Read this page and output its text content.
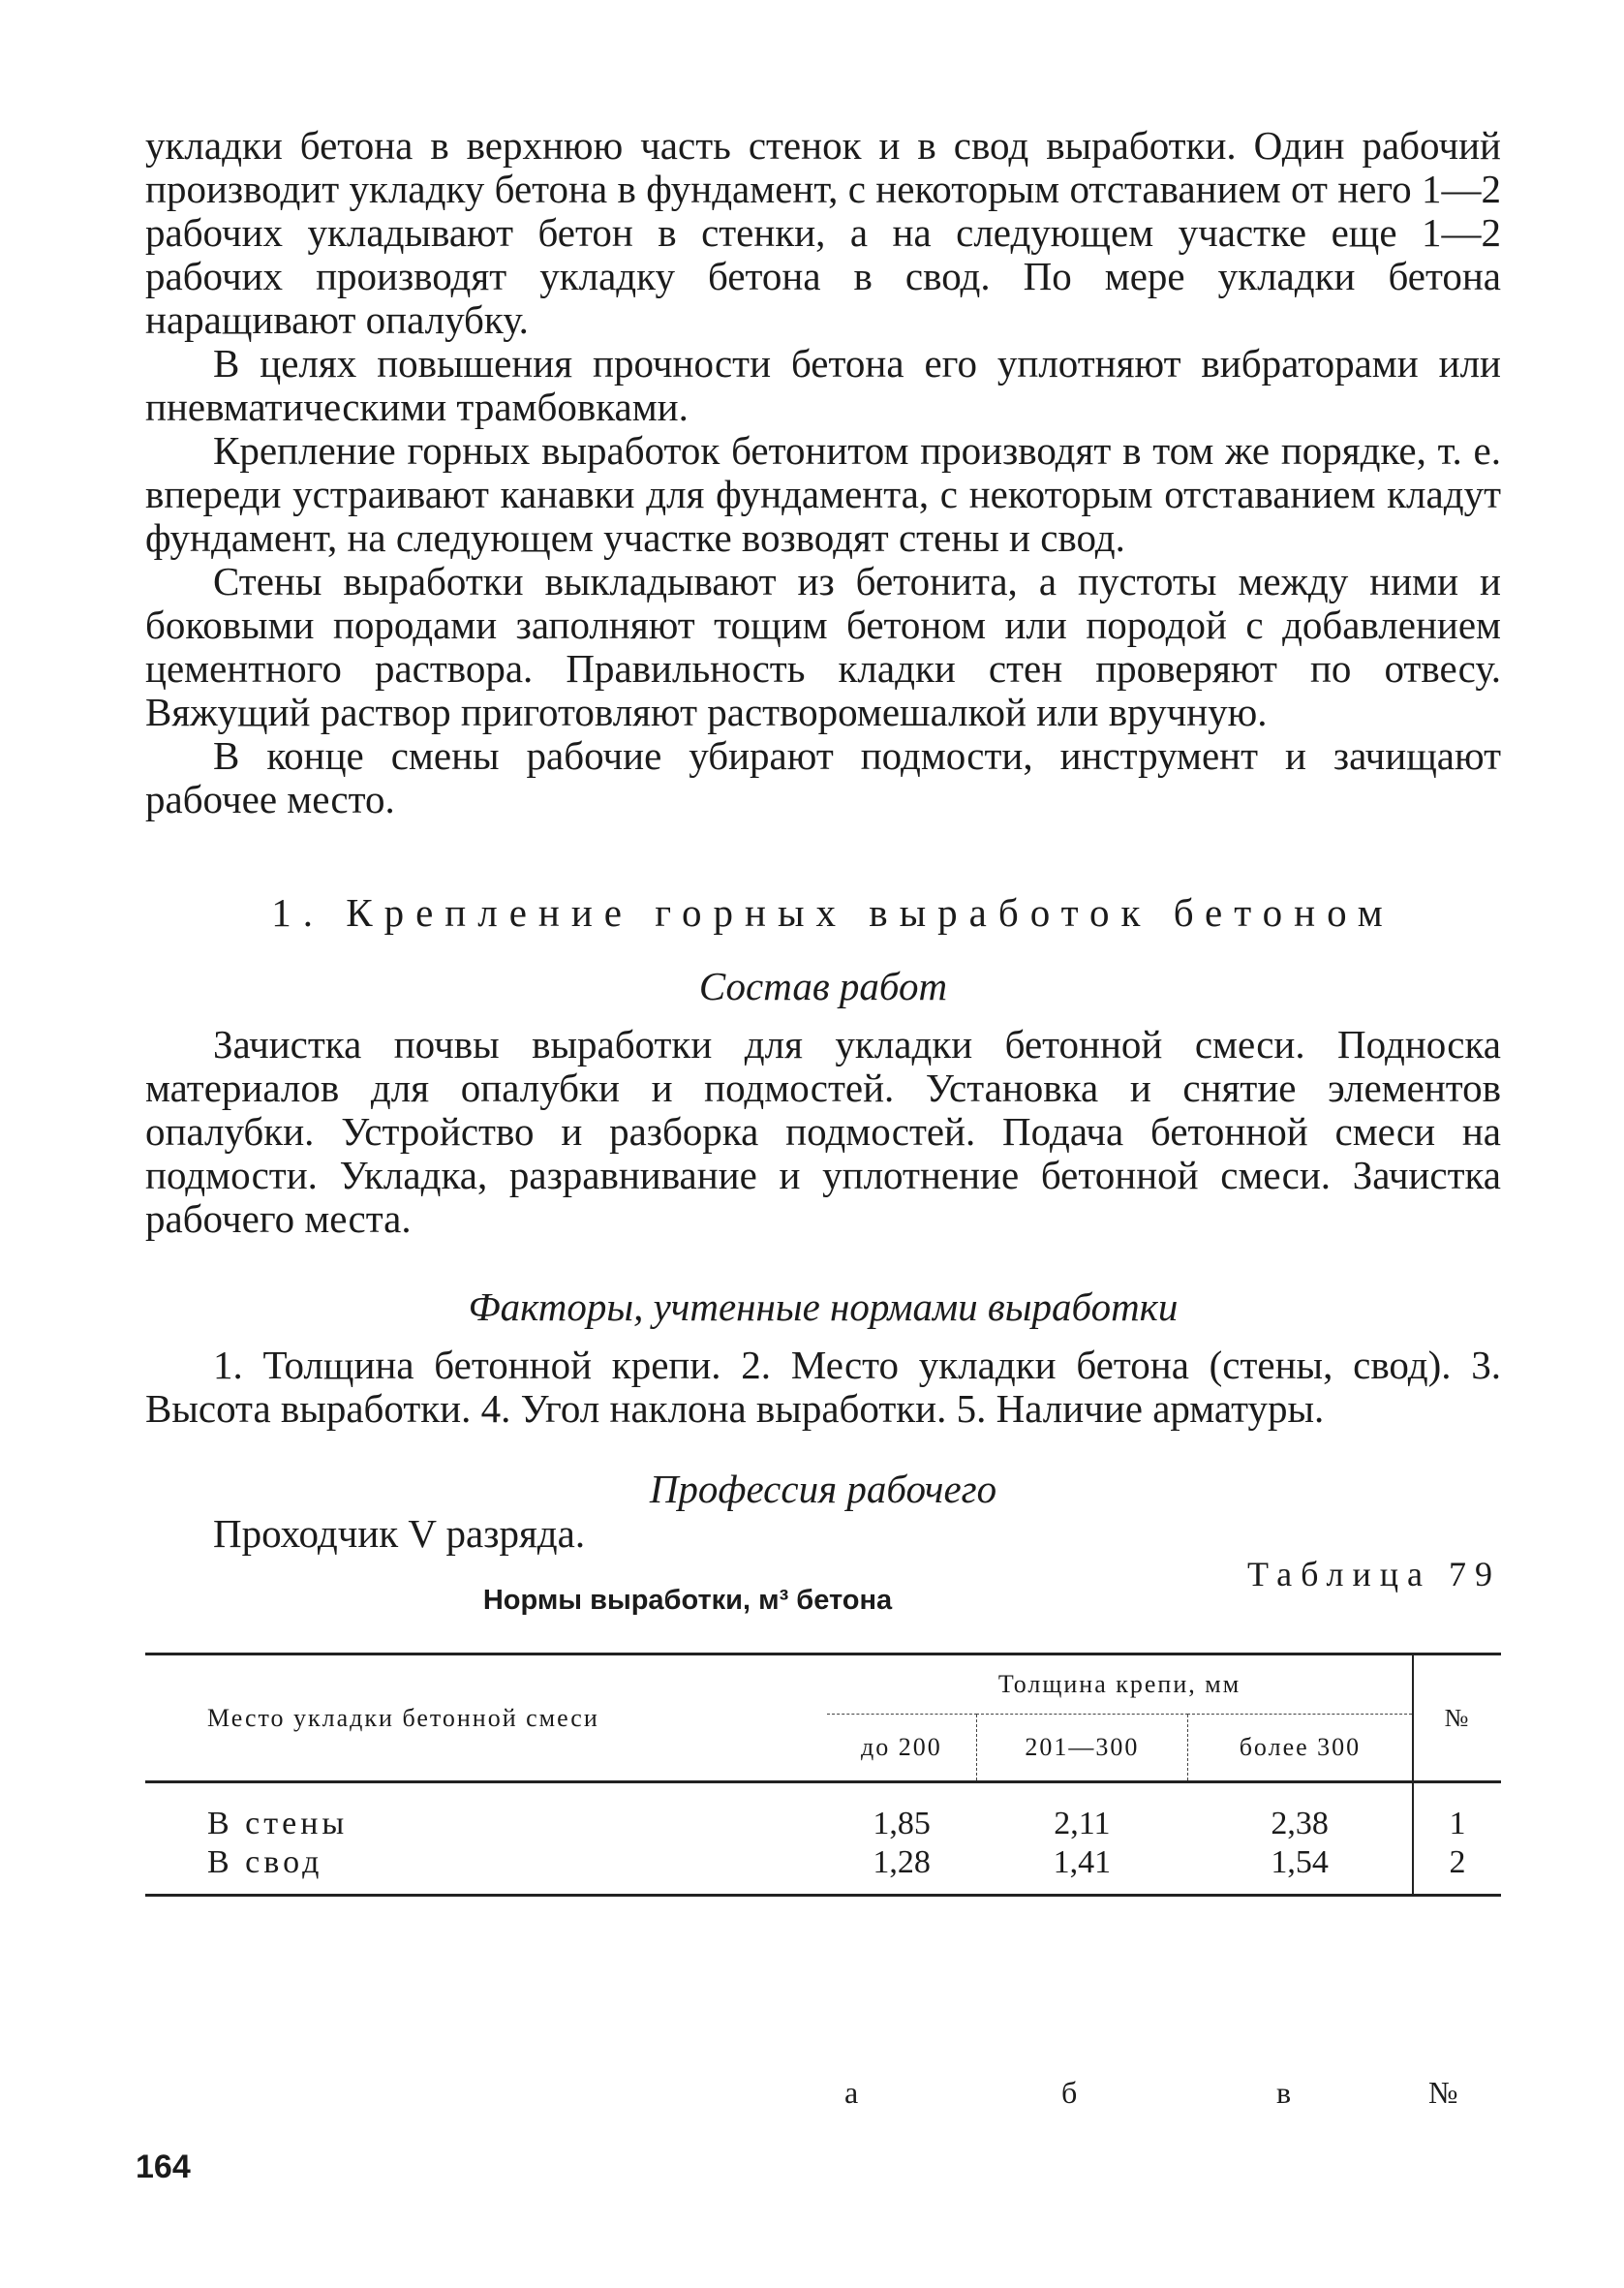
укладки бетона в верхнюю часть стенок и в свод выработки. Один рабочий производит укладку бетона в фундамент, с некоторым отставанием от него 1—2 рабочих укладывают бетон в стенки, а на следующем участке еще 1—2 рабочих производят укладку бетона в свод. По мере укладки бетона наращивают опалубку.

В целях повышения прочности бетона его уплотняют вибраторами или пневматическими трамбовками.

Крепление горных выработок бетонитом производят в том же порядке, т. е. впереди устраивают канавки для фундамента, с некоторым отставанием кладут фундамент, на следующем участке возводят стены и свод.

Стены выработки выкладывают из бетонита, а пустоты между ними и боковыми породами заполняют тощим бетоном или породой с добавлением цементного раствора. Правильность кладки стен проверяют по отвесу. Вяжущий раствор приготовляют растворомешалкой или вручную.

В конце смены рабочие убирают подмости, инструмент и зачищают рабочее место.

1. Крепление горных выработок бетоном
Состав работ

Зачистка почвы выработки для укладки бетонной смеси. Подноска материалов для опалубки и подмостей. Установка и снятие элементов опалубки. Устройство и разборка подмостей. Подача бетонной смеси на подмости. Укладка, разравнивание и уплотнение бетонной смеси. Зачистка рабочего места.

Факторы, учтенные нормами выработки

1. Толщина бетонной крепи. 2. Место укладки бетона (стены, свод). 3. Высота выработки. 4. Угол наклона выработки. 5. Наличие арматуры.

Профессия рабочего
Проходчик V разряда.
Таблица 79
Нормы выработки, м³ бетона
Место укладки бетонной смеси	Толщина крепи, мм			№
	до 200	201—300	более 300	
В стены	1,85	2,11	2,38	1
В свод	1,28	1,41	1,54	2
а	б	в	№
164
